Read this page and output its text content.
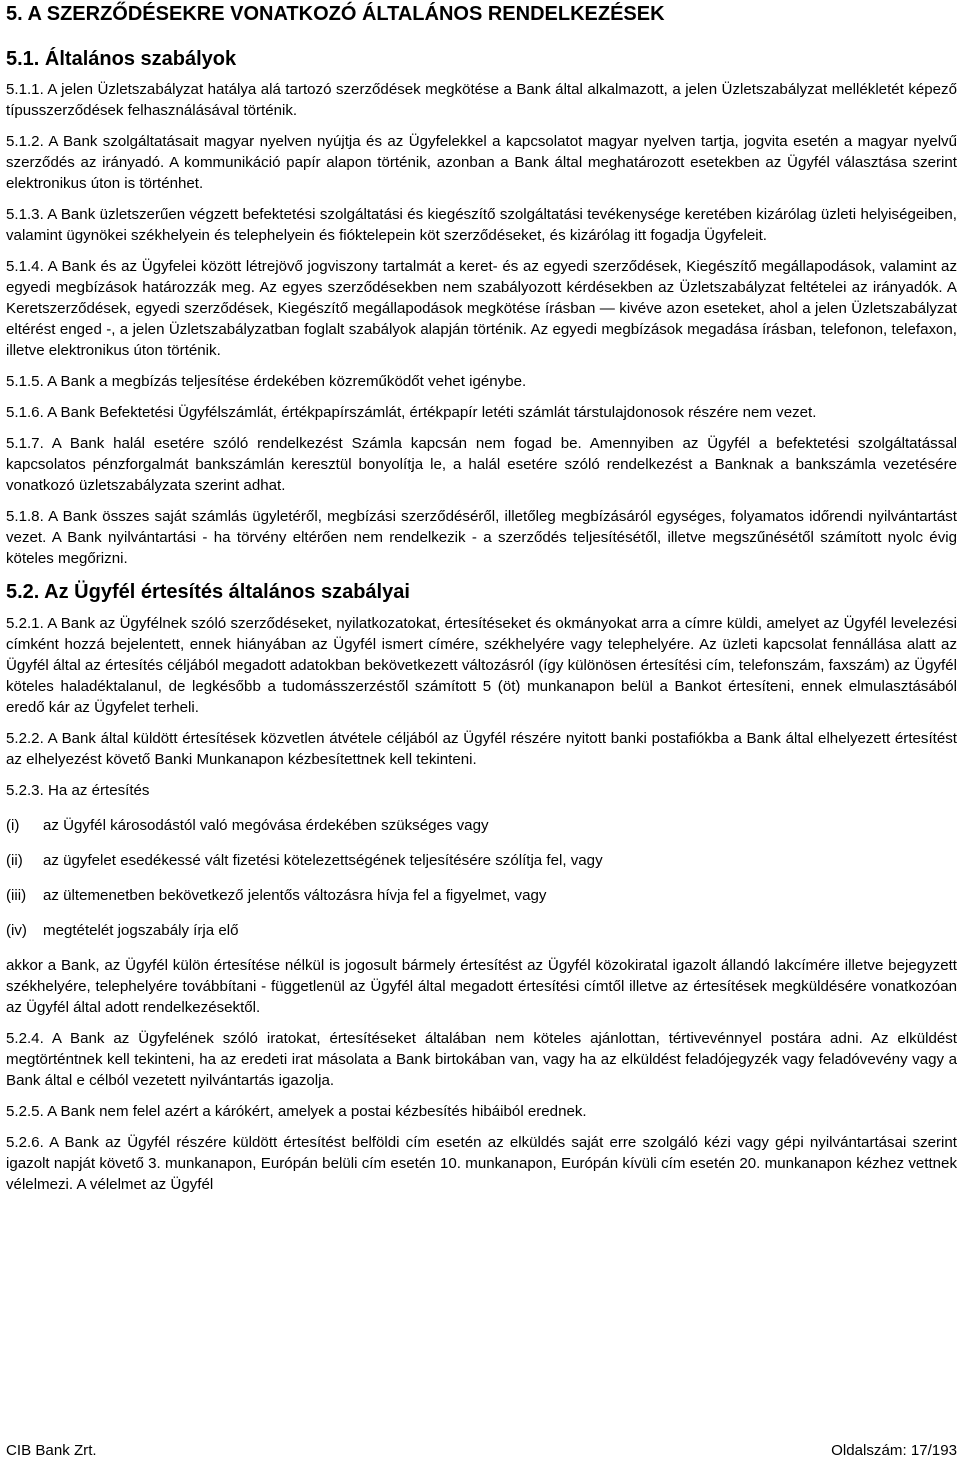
5. A SZERZŐDÉSEKRE VONATKOZÓ ÁLTALÁNOS RENDELKEZÉSEK
5.1. Általános szabályok

5.1.1. A jelen Üzletszabályzat hatálya alá tartozó szerződések megkötése a Bank által alkalmazott, a jelen Üzletszabályzat mellékletét képező típusszerződések felhasználásával történik.

5.1.2. A Bank szolgáltatásait magyar nyelven nyújtja és az Ügyfelekkel a kapcsolatot magyar nyelven tartja, jogvita esetén a magyar nyelvű szerződés az irányadó. A kommunikáció papír alapon történik, azonban a Bank által meghatározott esetekben az Ügyfél választása szerint elektronikus úton is történhet.

5.1.3. A Bank üzletszerűen végzett befektetési szolgáltatási és kiegészítő szolgáltatási tevékenysége keretében kizárólag üzleti helyiségeiben, valamint ügynökei székhelyein és telephelyein és fióktelepein köt szerződéseket, és kizárólag itt fogadja Ügyfeleit.

5.1.4. A Bank és az Ügyfelei között létrejövő jogviszony tartalmát a keret- és az egyedi szerződések, Kiegészítő megállapodások, valamint az egyedi megbízások határozzák meg. Az egyes szerződésekben nem szabályozott kérdésekben az Üzletszabályzat feltételei az irányadók. A Keretszerződések, egyedi szerződések, Kiegészítő megállapodások megkötése írásban — kivéve azon eseteket, ahol a jelen Üzletszabályzat eltérést enged -, a jelen Üzletszabályzatban foglalt szabályok alapján történik. Az egyedi megbízások megadása írásban, telefonon, telefaxon, illetve elektronikus úton történik.

5.1.5. A Bank a megbízás teljesítése érdekében közreműködőt vehet igénybe.

5.1.6. A Bank Befektetési Ügyfélszámlát, értékpapírszámlát, értékpapír letéti számlát társtulajdonosok részére nem vezet.

5.1.7. A Bank halál esetére szóló rendelkezést Számla kapcsán nem fogad be. Amennyiben az Ügyfél a befektetési szolgáltatással kapcsolatos pénzforgalmát bankszámlán keresztül bonyolítja le, a halál esetére szóló rendelkezést a Banknak a bankszámla vezetésére vonatkozó üzletszabályzata szerint adhat.

5.1.8. A Bank összes saját számlás ügyletéről, megbízási szerződéséről, illetőleg megbízásáról egységes, folyamatos időrendi nyilvántartást vezet. A Bank nyilvántartási - ha törvény eltérően nem rendelkezik - a szerződés teljesítésétől, illetve megszűnésétől számított nyolc évig köteles megőrizni.

5.2. Az Ügyfél értesítés általános szabályai

5.2.1. A Bank az Ügyfélnek szóló szerződéseket, nyilatkozatokat, értesítéseket és okmányokat arra a címre küldi, amelyet az Ügyfél levelezési címként hozzá bejelentett, ennek hiányában az Ügyfél ismert címére, székhelyére vagy telephelyére. Az üzleti kapcsolat fennállása alatt az Ügyfél által az értesítés céljából megadott adatokban bekövetkezett változásról (így különösen értesítési cím, telefonszám, faxszám) az Ügyfél köteles haladéktalanul, de legkésőbb a tudomásszerzéstől számított 5 (öt) munkanapon belül a Bankot értesíteni, ennek elmulasztásából eredő kár az Ügyfelet terheli.

5.2.2. A Bank által küldött értesítések közvetlen átvétele céljából az Ügyfél részére nyitott banki postafiókba a Bank által elhelyezett értesítést az elhelyezést követő Banki Munkanapon kézbesítettnek kell tekinteni.

5.2.3. Ha az értesítés

(i) az Ügyfél károsodástól való megóvása érdekében szükséges vagy
(ii) az ügyfelet esedékessé vált fizetési kötelezettségének teljesítésére szólítja fel, vagy
(iii) az ültemenetben bekövetkező jelentős változásra hívja fel a figyelmet, vagy
(iv) megtételét jogszabály írja elő

akkor a Bank, az Ügyfél külön értesítése nélkül is jogosult bármely értesítést az Ügyfél közokiratal igazolt állandó lakcímére illetve bejegyzett székhelyére, telephelyére továbbítani - függetlenül az Ügyfél által megadott értesítési címtől illetve az értesítések megküldésére vonatkozóan az Ügyfél által adott rendelkezésektől.

5.2.4. A Bank az Ügyfelének szóló iratokat, értesítéseket általában nem köteles ajánlottan, tértivevénnyel postára adni. Az elküldést megtörténtnek kell tekinteni, ha az eredeti irat másolata a Bank birtokában van, vagy ha az elküldést feladójegyzék vagy feladóvevény vagy a Bank által e célból vezetett nyilvántartás igazolja.

5.2.5. A Bank nem felel azért a kárókért, amelyek a postai kézbesítés hibáiból erednek.

5.2.6. A Bank az Ügyfél részére küldött értesítést belföldi cím esetén az elküldés saját erre szolgáló kézi vagy gépi nyilvántartásai szerint igazolt napját követő 3. munkanapon, Európán belüli cím esetén 10. munkanapon, Európán kívüli cím esetén 20. munkanapon kézhez vettnek vélelmezi. A vélelmet az Ügyfél

CIB Bank Zrt.	Oldalszám: 17/193
